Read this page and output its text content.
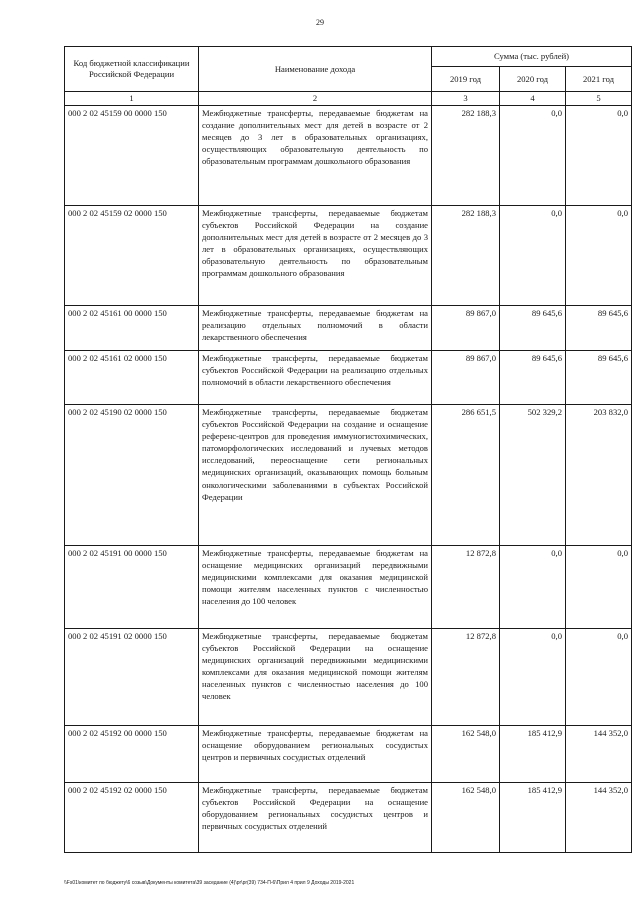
29
Код бюджетной классификации Российской Федерации	Наименование дохода	Сумма (тыс. рублей)		
		2019 год	2020 год	2021 год
1	2	3	4	5
000 2 02 45159 00 0000 150	Межбюджетные трансферты, передаваемые бюджетам на создание дополнительных мест для детей в возрасте от 2 месяцев до 3 лет в образовательных организациях, осуществляющих образовательную деятельность по образовательным программам дошкольного образования	282 188,3	0,0	0,0
000 2 02 45159 02 0000 150	Межбюджетные трансферты, передаваемые бюджетам субъектов Российской Федерации на создание дополнительных мест для детей в возрасте от 2 месяцев до 3 лет в образовательных организациях, осуществляющих образовательную деятельность по образовательным программам дошкольного образования	282 188,3	0,0	0,0
000 2 02 45161 00 0000 150	Межбюджетные трансферты, передаваемые бюджетам на реализацию отдельных полномочий в области лекарственного обеспечения	89 867,0	89 645,6	89 645,6
000 2 02 45161 02 0000 150	Межбюджетные трансферты, передаваемые бюджетам субъектов Российской Федерации на реализацию отдельных полномочий в области лекарственного обеспечения	89 867,0	89 645,6	89 645,6
000 2 02 45190 02 0000 150	Межбюджетные трансферты, передаваемые бюджетам субъектов Российской Федерации на создание и оснащение референс-центров для проведения иммуногистохимических, патоморфологических исследований и лучевых методов исследований, переоснащение сети региональных медицинских организаций, оказывающих помощь больным онкологическими заболеваниями в субъектах Российской Федерации	286 651,5	502 329,2	203 832,0
000 2 02 45191 00 0000 150	Межбюджетные трансферты, передаваемые бюджетам на оснащение медицинских организаций передвижными медицинскими комплексами для оказания медицинской помощи жителям населенных пунктов с численностью населения до 100 человек	12 872,8	0,0	0,0
000 2 02 45191 02 0000 150	Межбюджетные трансферты, передаваемые бюджетам субъектов Российской Федерации на оснащение медицинских организаций передвижными медицинскими комплексами для оказания медицинской помощи жителям населенных пунктов с численностью населения до 100 человек	12 872,8	0,0	0,0
000 2 02 45192 00 0000 150	Межбюджетные трансферты, передаваемые бюджетам на оснащение оборудованием региональных сосудистых центров и первичных сосудистых отделений	162 548,0	185 412,9	144 352,0
000 2 02 45192 02 0000 150	Межбюджетные трансферты, передаваемые бюджетам субъектов Российской Федерации на оснащение оборудованием региональных сосудистых центров и первичных сосудистых отделений	162 548,0	185 412,9	144 352,0
\\Fs01\комитет по бюджету\6 созыв\Документы комитета\39 заседание (4)\pr\pr(39) 734-П-6\Прил 4 прил 9 Доходы 2019-2021
